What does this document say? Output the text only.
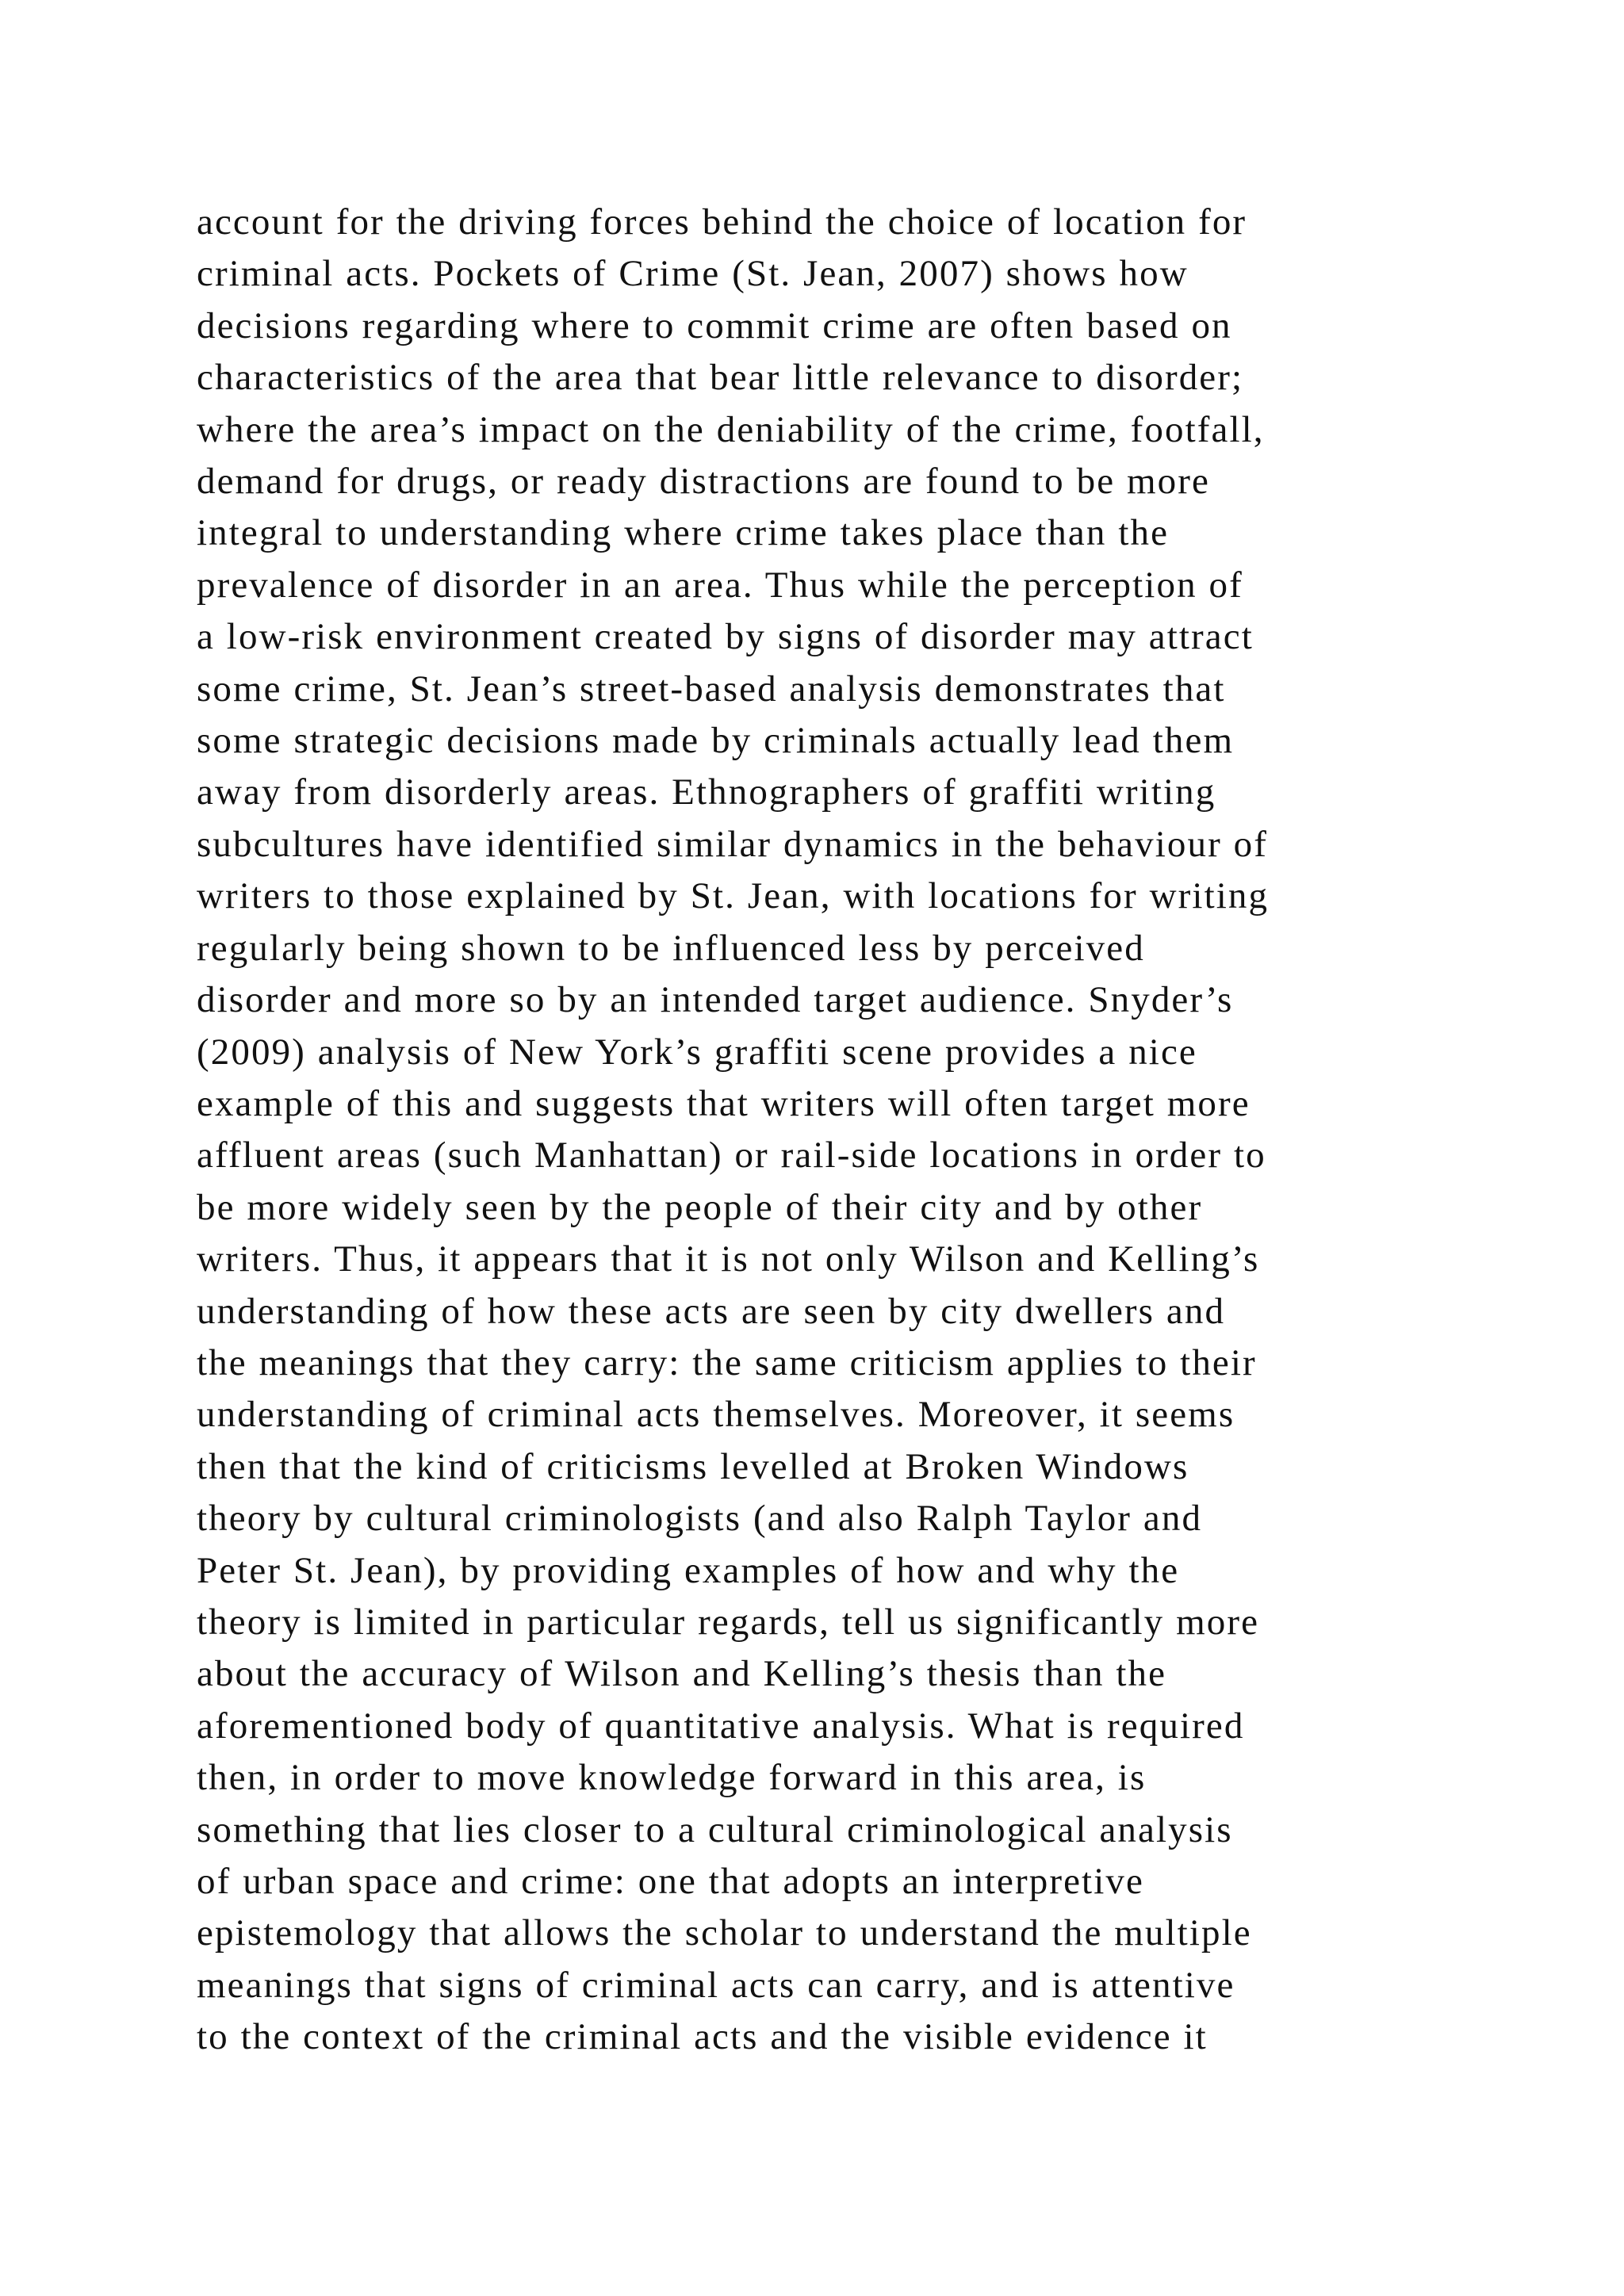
account for the driving forces behind the choice of location for
criminal acts. Pockets of Crime (St. Jean, 2007) shows how
decisions regarding where to commit crime are often based on
characteristics of the area that bear little relevance to disorder;
where the area’s impact on the deniability of the crime, footfall,
demand for drugs, or ready distractions are found to be more
integral to understanding where crime takes place than the
prevalence of disorder in an area. Thus while the perception of
a low-risk environment created by signs of disorder may attract
some crime, St. Jean’s street-based analysis demonstrates that
some strategic decisions made by criminals actually lead them
away from disorderly areas. Ethnographers of graffiti writing
subcultures have identified similar dynamics in the behaviour of
writers to those explained by St. Jean, with locations for writing
regularly being shown to be influenced less by perceived
disorder and more so by an intended target audience. Snyder’s
(2009) analysis of New York’s graffiti scene provides a nice
example of this and suggests that writers will often target more
affluent areas (such Manhattan) or rail-side locations in order to
be more widely seen by the people of their city and by other
writers. Thus, it appears that it is not only Wilson and Kelling’s
understanding of how these acts are seen by city dwellers and
the meanings that they carry: the same criticism applies to their
understanding of criminal acts themselves. Moreover, it seems
then that the kind of criticisms levelled at Broken Windows
theory by cultural criminologists (and also Ralph Taylor and
Peter St. Jean), by providing examples of how and why the
theory is limited in particular regards, tell us significantly more
about the accuracy of Wilson and Kelling’s thesis than the
aforementioned body of quantitative analysis. What is required
then, in order to move knowledge forward in this area, is
something that lies closer to a cultural criminological analysis
of urban space and crime: one that adopts an interpretive
epistemology that allows the scholar to understand the multiple
meanings that signs of criminal acts can carry, and is attentive
to the context of the criminal acts and the visible evidence it
